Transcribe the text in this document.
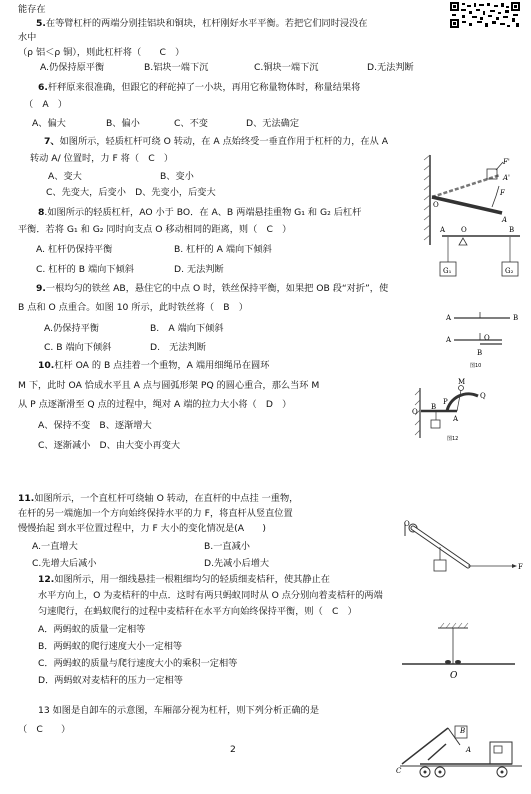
能存在
5.在等臂杠杆的两端分别挂铝块和铜块，杠杆刚好水平平衡。若把它们同时浸没在
水中
（ρ 铝＜ρ 铜），则此杠杆将（　　C　）
A.仍保持原平衡	B.铝块一端下沉	C.铜块一端下沉	D.无法判断
6.杆秤原来很准确，但跟它的秤砣掉了一小块，再用它称量物体时，称量结果将
（　A　）
A、偏大	B、偏小	C、不变	D、无法确定
7、如图所示，轻质杠杆可绕 O 转动，在 A 点始终受一垂直作用于杠杆的力，在从 A
转动 A/ 位置时，力 F 将（　C　）
A、变大	B、变小
C、先变大，后变小　D、先变小，后变大
8.如图所示的轻质杠杆，AO 小于 BO．在 A、B 两端悬挂重物 G₁ 和 G₂ 后杠杆
平衡．若将 G₁ 和 G₂ 同时向支点 O 移动相同的距离，则（　C　）
A. 杠杆仍保持平衡	B. 杠杆的 A 端向下倾斜
C. 杠杆的 B 端向下倾斜	D. 无法判断
9.一根均匀的铁丝 AB，悬住它的中点 O 时，铁丝保持平衡，如果把 OB 段“对折”，使
B 点和 O 点重合。如图 10 所示，此时铁丝将（　B　）
A.仍保持平衡	B.　A 端向下倾斜
C. B 端向下倾斜	D.　无法判断
10.杠杆 OA 的 B 点挂着一个重物，A 端用细绳吊在圆环
M 下，此时 OA 恰成水平且 A 点与圆弧形架 PQ 的圆心重合，那么当环 M
从 P 点逐渐滑至 Q 点的过程中，绳对 A 端的拉力大小将（　D　）
A、保持不变　B、逐渐增大
C、逐渐减小　D、由大变小再变大
11.如图所示，一个直杠杆可绕轴 O 转动，在直杆的中点挂 一重物，
在杆的另一端施加一个方向始终保持水平的力 F，将直杆从竖直位置
慢慢抬起 到水平位置过程中，力 F 大小的变化情况是(A　　)
A.一直增大	B.一直减小
C.先增大后减小	D.先减小后增大
12.如图所示，用一细线悬挂一根粗细均匀的轻质细麦桔秆，使其静止在
水平方向上，O 为麦桔秆的中点．这时有两只蚂蚁同时从 O 点分别向着麦桔秆的两端
匀速爬行，在蚂蚁爬行的过程中麦桔秆在水平方向始终保持平衡，则（　C　）
A．两蚂蚁的质量一定相等
B．两蚂蚁的爬行速度大小一定相等
C．两蚂蚁的质量与爬行速度大小的乘积一定相等
D．两蚂蚁对麦桔秆的压力一定相等
13 如图是自卸车的示意图，车厢部分视为杠杆，则下列分析正确的是
（　C　　）
2
F'
A'
O
F
A
A O	B
G₁	G₂
A	B
A	O
B
图10
M
P
Q
O
B
A
图12
O
F
O
B
A
C
